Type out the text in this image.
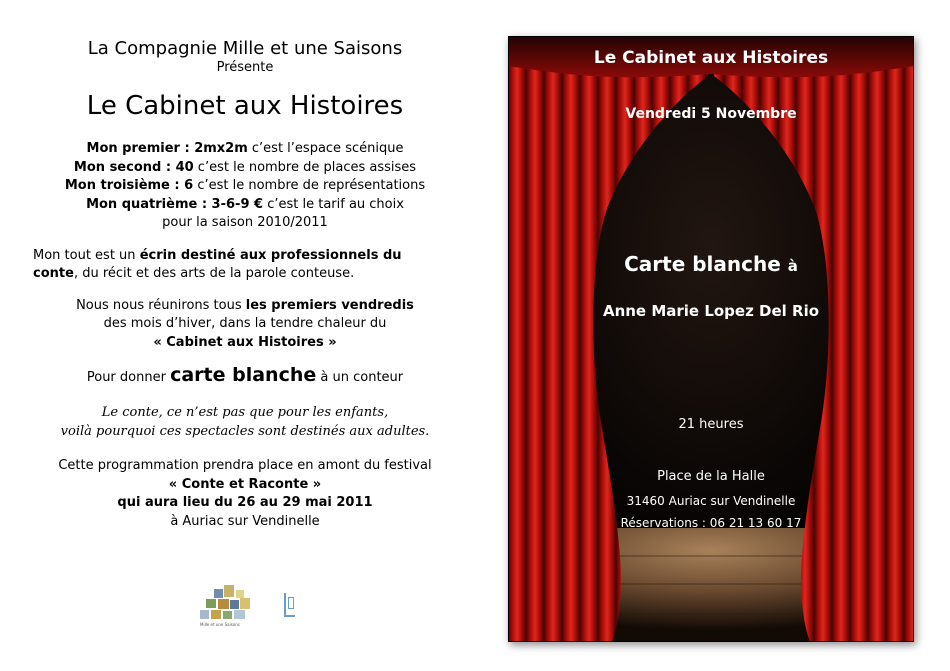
La Compagnie Mille et une Saisons

Présente

Le Cabinet aux Histoires

Mon premier : 2mx2m c’est l’espace scénique

Mon second : 40 c’est le nombre de places assises

Mon troisième : 6 c’est le nombre de représentations

Mon quatrième : 3-6-9 € c’est le tarif au choix

pour la saison 2010/2011

Mon tout est un écrin destiné aux professionnels du
conte, du récit et des arts de la parole conteuse.

Nous nous réunirons tous les premiers vendredis
des mois d’hiver, dans la tendre chaleur du
« Cabinet aux Histoires »

Pour donner carte blanche à un conteur

Le conte, ce n’est pas que pour les enfants,
voilà pourquoi ces spectacles sont destinés aux adultes.
Cette programmation prendra place en amont du festival
« Conte et Raconte »
qui aura lieu du 26 au 29 mai 2011
à Auriac sur Vendinelle
Mille et une Saisons

Le Cabinet aux Histoires

Vendredi 5 Novembre

Carte blanche à

Anne Marie Lopez Del Rio

21 heures

Place de la Halle

31460 Auriac sur Vendinelle

Réservations : 06 21 13 60 17
